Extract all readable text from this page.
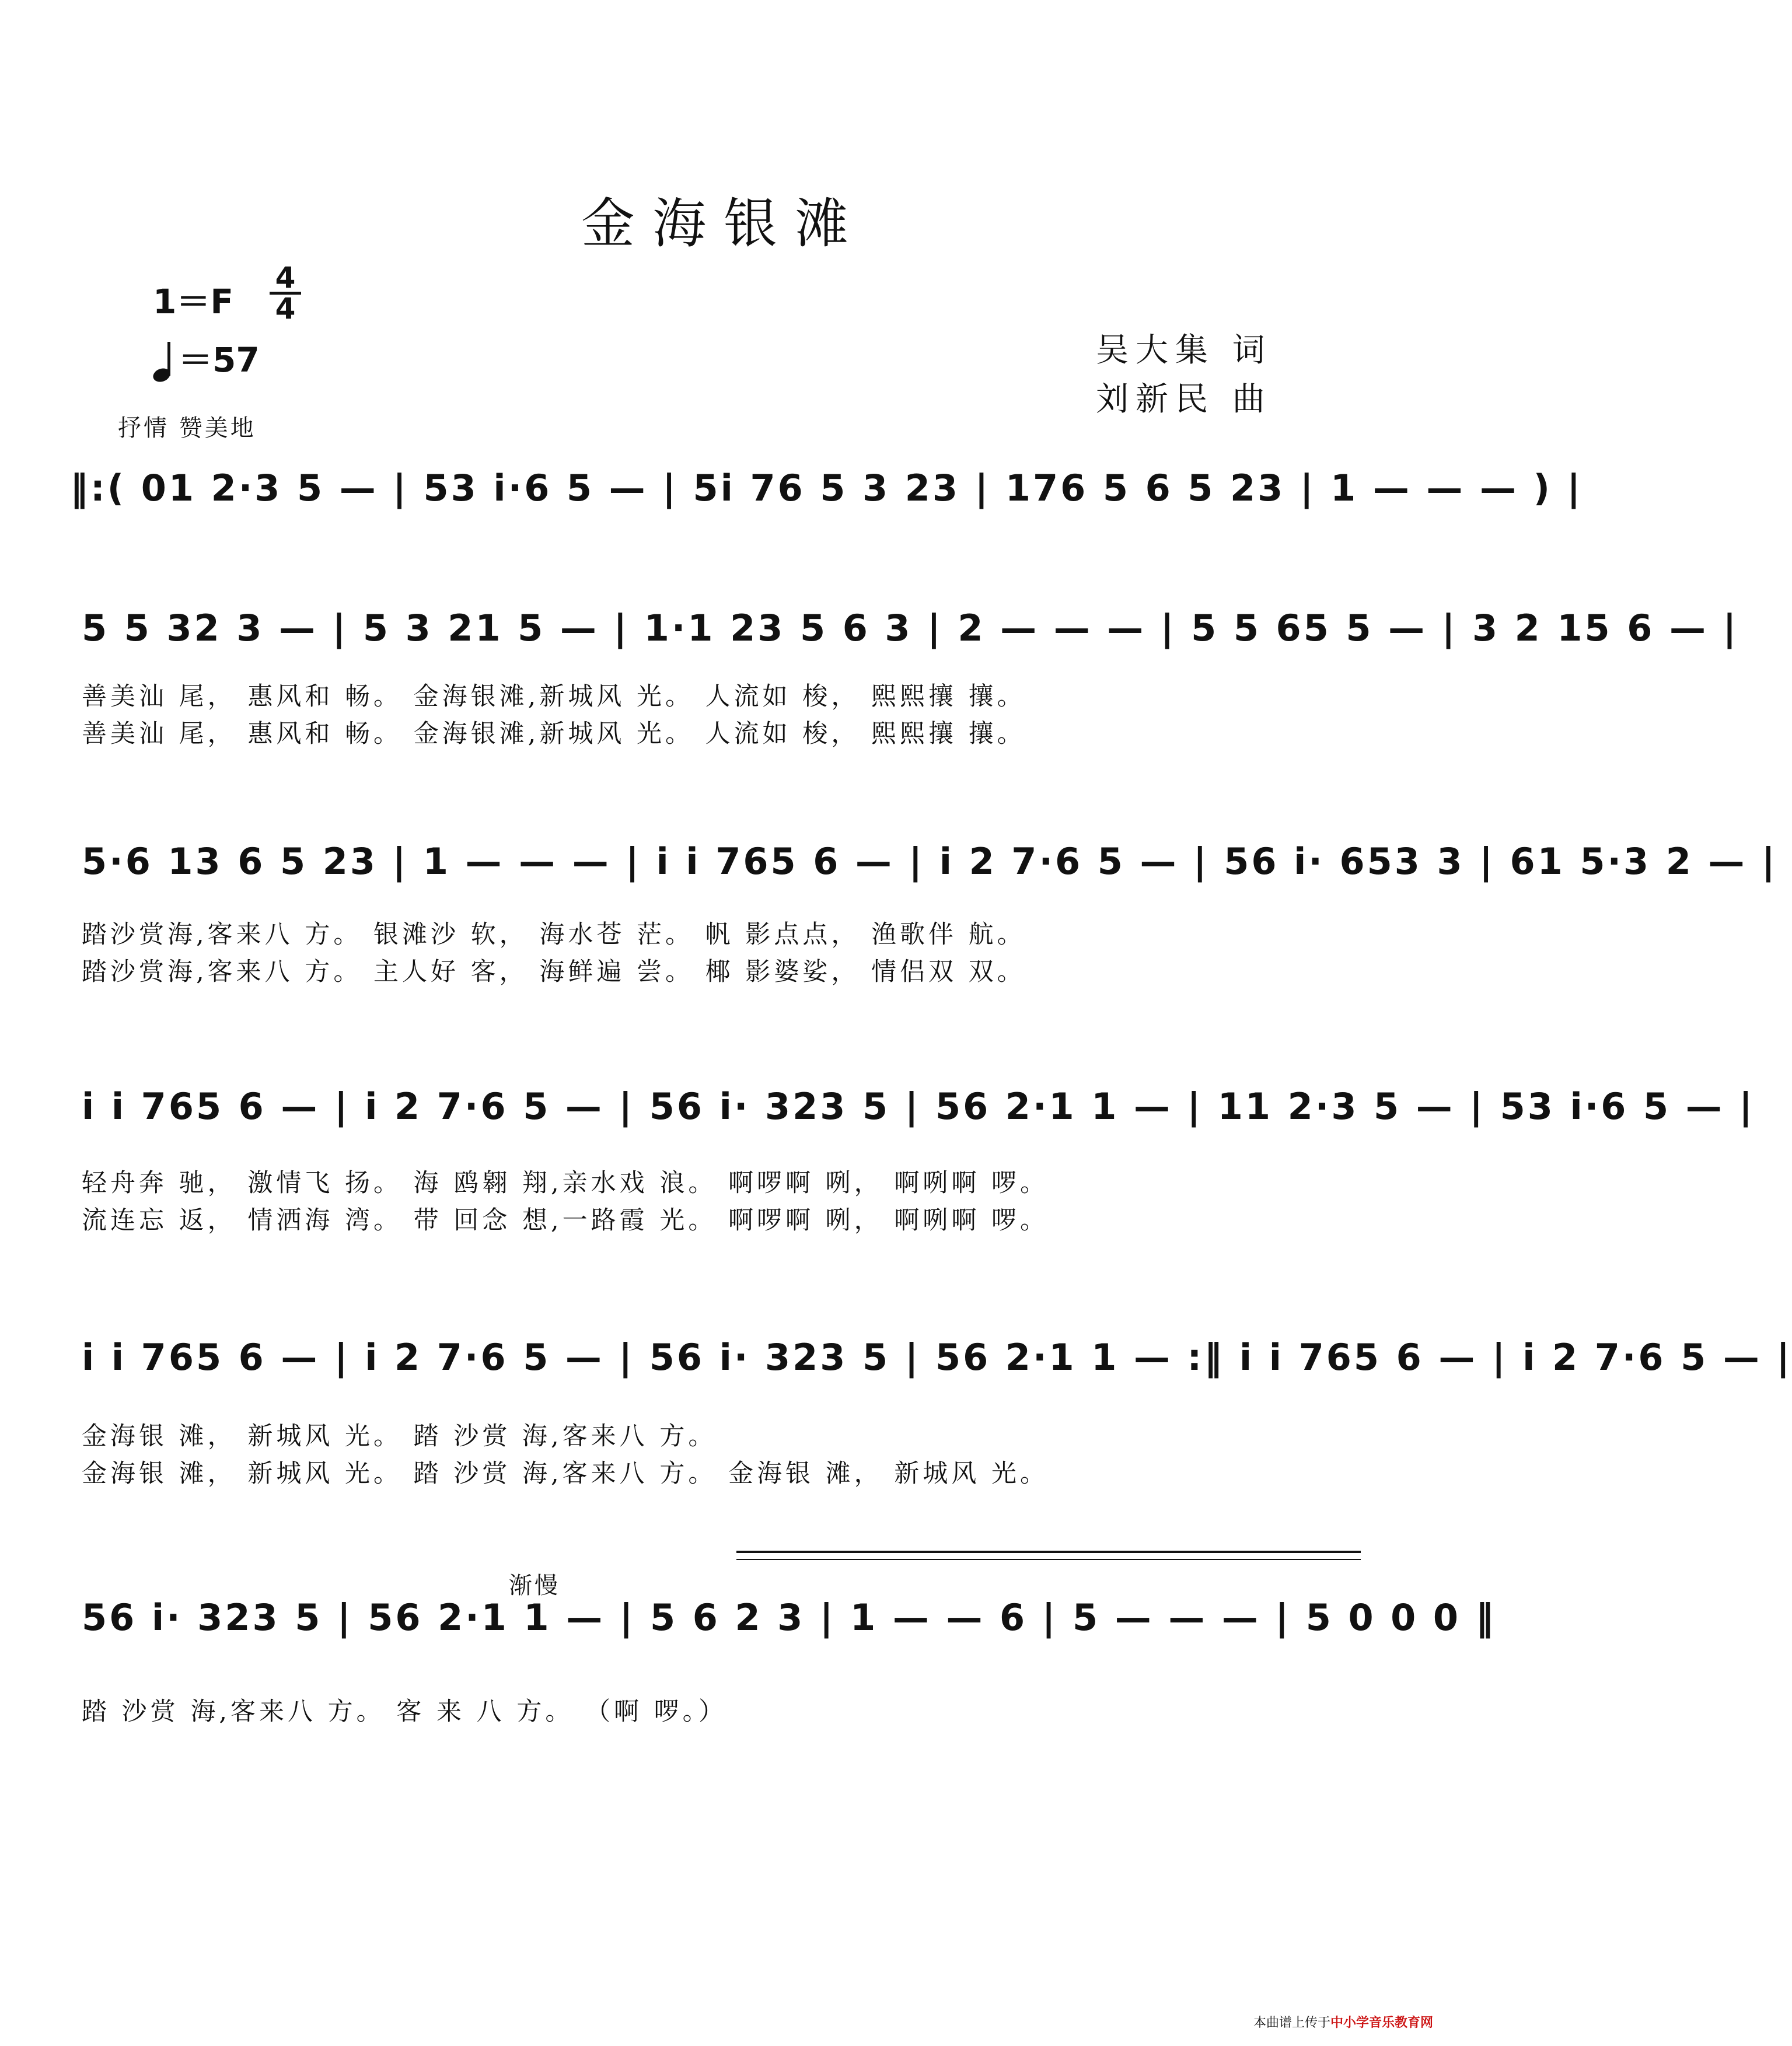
金海银滩
1＝F
4
4
＝57	吴大集 词
刘新民 曲
抒情 赞美地
‖:( 01 2·3 5 — | 53 i·6 5 — | 5i 76 5 3 23 | 176 5 6 5 23 | 1 — — — ) |
5 5 32 3 — | 5 3 21 5 — | 1·1 23 5 6 3 | 2 — — — | 5 5 65 5 — | 3 2 15 6 — |
善美汕 尾， 惠风和 畅。 金海银滩,新城风 光。 人流如 梭， 熙熙攘 攘。
善美汕 尾， 惠风和 畅。 金海银滩,新城风 光。 人流如 梭， 熙熙攘 攘。
5·6 13 6 5 23 | 1 — — — | i i 765 6 — | i 2 7·6 5 — | 56 i· 653 3 | 61 5·3 2 — |
踏沙赏海,客来八 方。 银滩沙 软， 海水苍 茫。 帆 影点点， 渔歌伴 航。
踏沙赏海,客来八 方。 主人好 客， 海鲜遍 尝。 椰 影婆娑， 情侣双 双。
i i 765 6 — | i 2 7·6 5 — | 56 i· 323 5 | 56 2·1 1 — | 11 2·3 5 — | 53 i·6 5 — |
轻舟奔 驰， 激情飞 扬。 海 鸥翱 翔,亲水戏 浪。 啊啰啊 咧， 啊咧啊 啰。
流连忘 返， 情洒海 湾。 带 回念 想,一路霞 光。 啊啰啊 咧， 啊咧啊 啰。
i i 765 6 — | i 2 7·6 5 — | 56 i· 323 5 | 56 2·1 1 — :‖ i i 765 6 — | i 2 7·6 5 — |
金海银 滩， 新城风 光。 踏 沙赏 海,客来八 方。
金海银 滩， 新城风 光。 踏 沙赏 海,客来八 方。 金海银 滩， 新城风 光。
渐慢
56 i· 323 5 | 56 2·1 1 — | 5 6 2 3 | 1 — — 6 | 5 — — — | 5 0 0 0 ‖
踏 沙赏 海,客来八 方。 客 来 八 方。 （啊 啰。）
本曲谱上传于中小学音乐教育网
